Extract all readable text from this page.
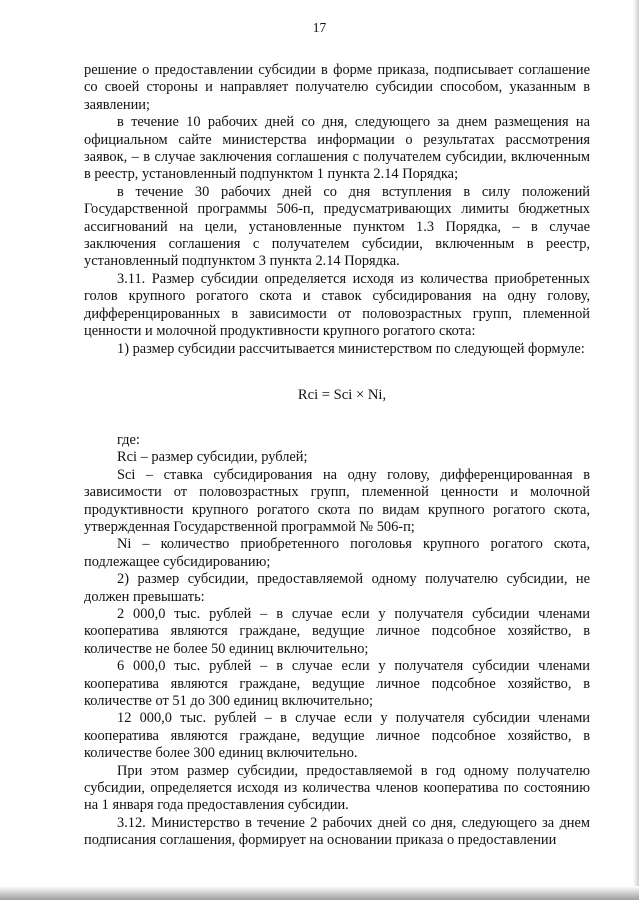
17

решение о предоставлении субсидии в форме приказа, подписывает соглашение со своей стороны и направляет получателю субсидии способом, указанным в заявлении;

в течение 10 рабочих дней со дня, следующего за днем размещения на официальном сайте министерства информации о результатах рассмотрения заявок, – в случае заключения соглашения с получателем субсидии, включенным в реестр, установленный подпунктом 1 пункта 2.14 Порядка;

в течение 30 рабочих дней со дня вступления в силу положений Государственной программы 506-п, предусматривающих лимиты бюджетных ассигнований на цели, установленные пунктом 1.3 Порядка, – в случае заключения соглашения с получателем субсидии, включенным в реестр, установленный подпунктом 3 пункта 2.14 Порядка.

3.11. Размер субсидии определяется исходя из количества приобретенных голов крупного рогатого скота и ставок субсидирования на одну голову, дифференцированных в зависимости от половозрастных групп, племенной ценности и молочной продуктивности крупного рогатого скота:

1) размер субсидии рассчитывается министерством по следующей формуле:

Rci = Sci × Ni,

где:

Rci – размер субсидии, рублей;

Sci – ставка субсидирования на одну голову, дифференцированная в зависимости от половозрастных групп, племенной ценности и молочной продуктивности крупного рогатого скота по видам крупного рогатого скота, утвержденная Государственной программой № 506-п;

Ni – количество приобретенного поголовья крупного рогатого скота, подлежащее субсидированию;

2) размер субсидии, предоставляемой одному получателю субсидии, не должен превышать:

2 000,0 тыс. рублей – в случае если у получателя субсидии членами кооператива являются граждане, ведущие личное подсобное хозяйство, в количестве не более 50 единиц включительно;

6 000,0 тыс. рублей – в случае если у получателя субсидии членами кооператива являются граждане, ведущие личное подсобное хозяйство, в количестве от 51 до 300 единиц включительно;

12 000,0 тыс. рублей – в случае если у получателя субсидии членами кооператива являются граждане, ведущие личное подсобное хозяйство, в количестве более 300 единиц включительно.

При этом размер субсидии, предоставляемой в год одному получателю субсидии, определяется исходя из количества членов кооператива по состоянию на 1 января года предоставления субсидии.

3.12. Министерство в течение 2 рабочих дней со дня, следующего за днем подписания соглашения, формирует на основании приказа о предоставлении
